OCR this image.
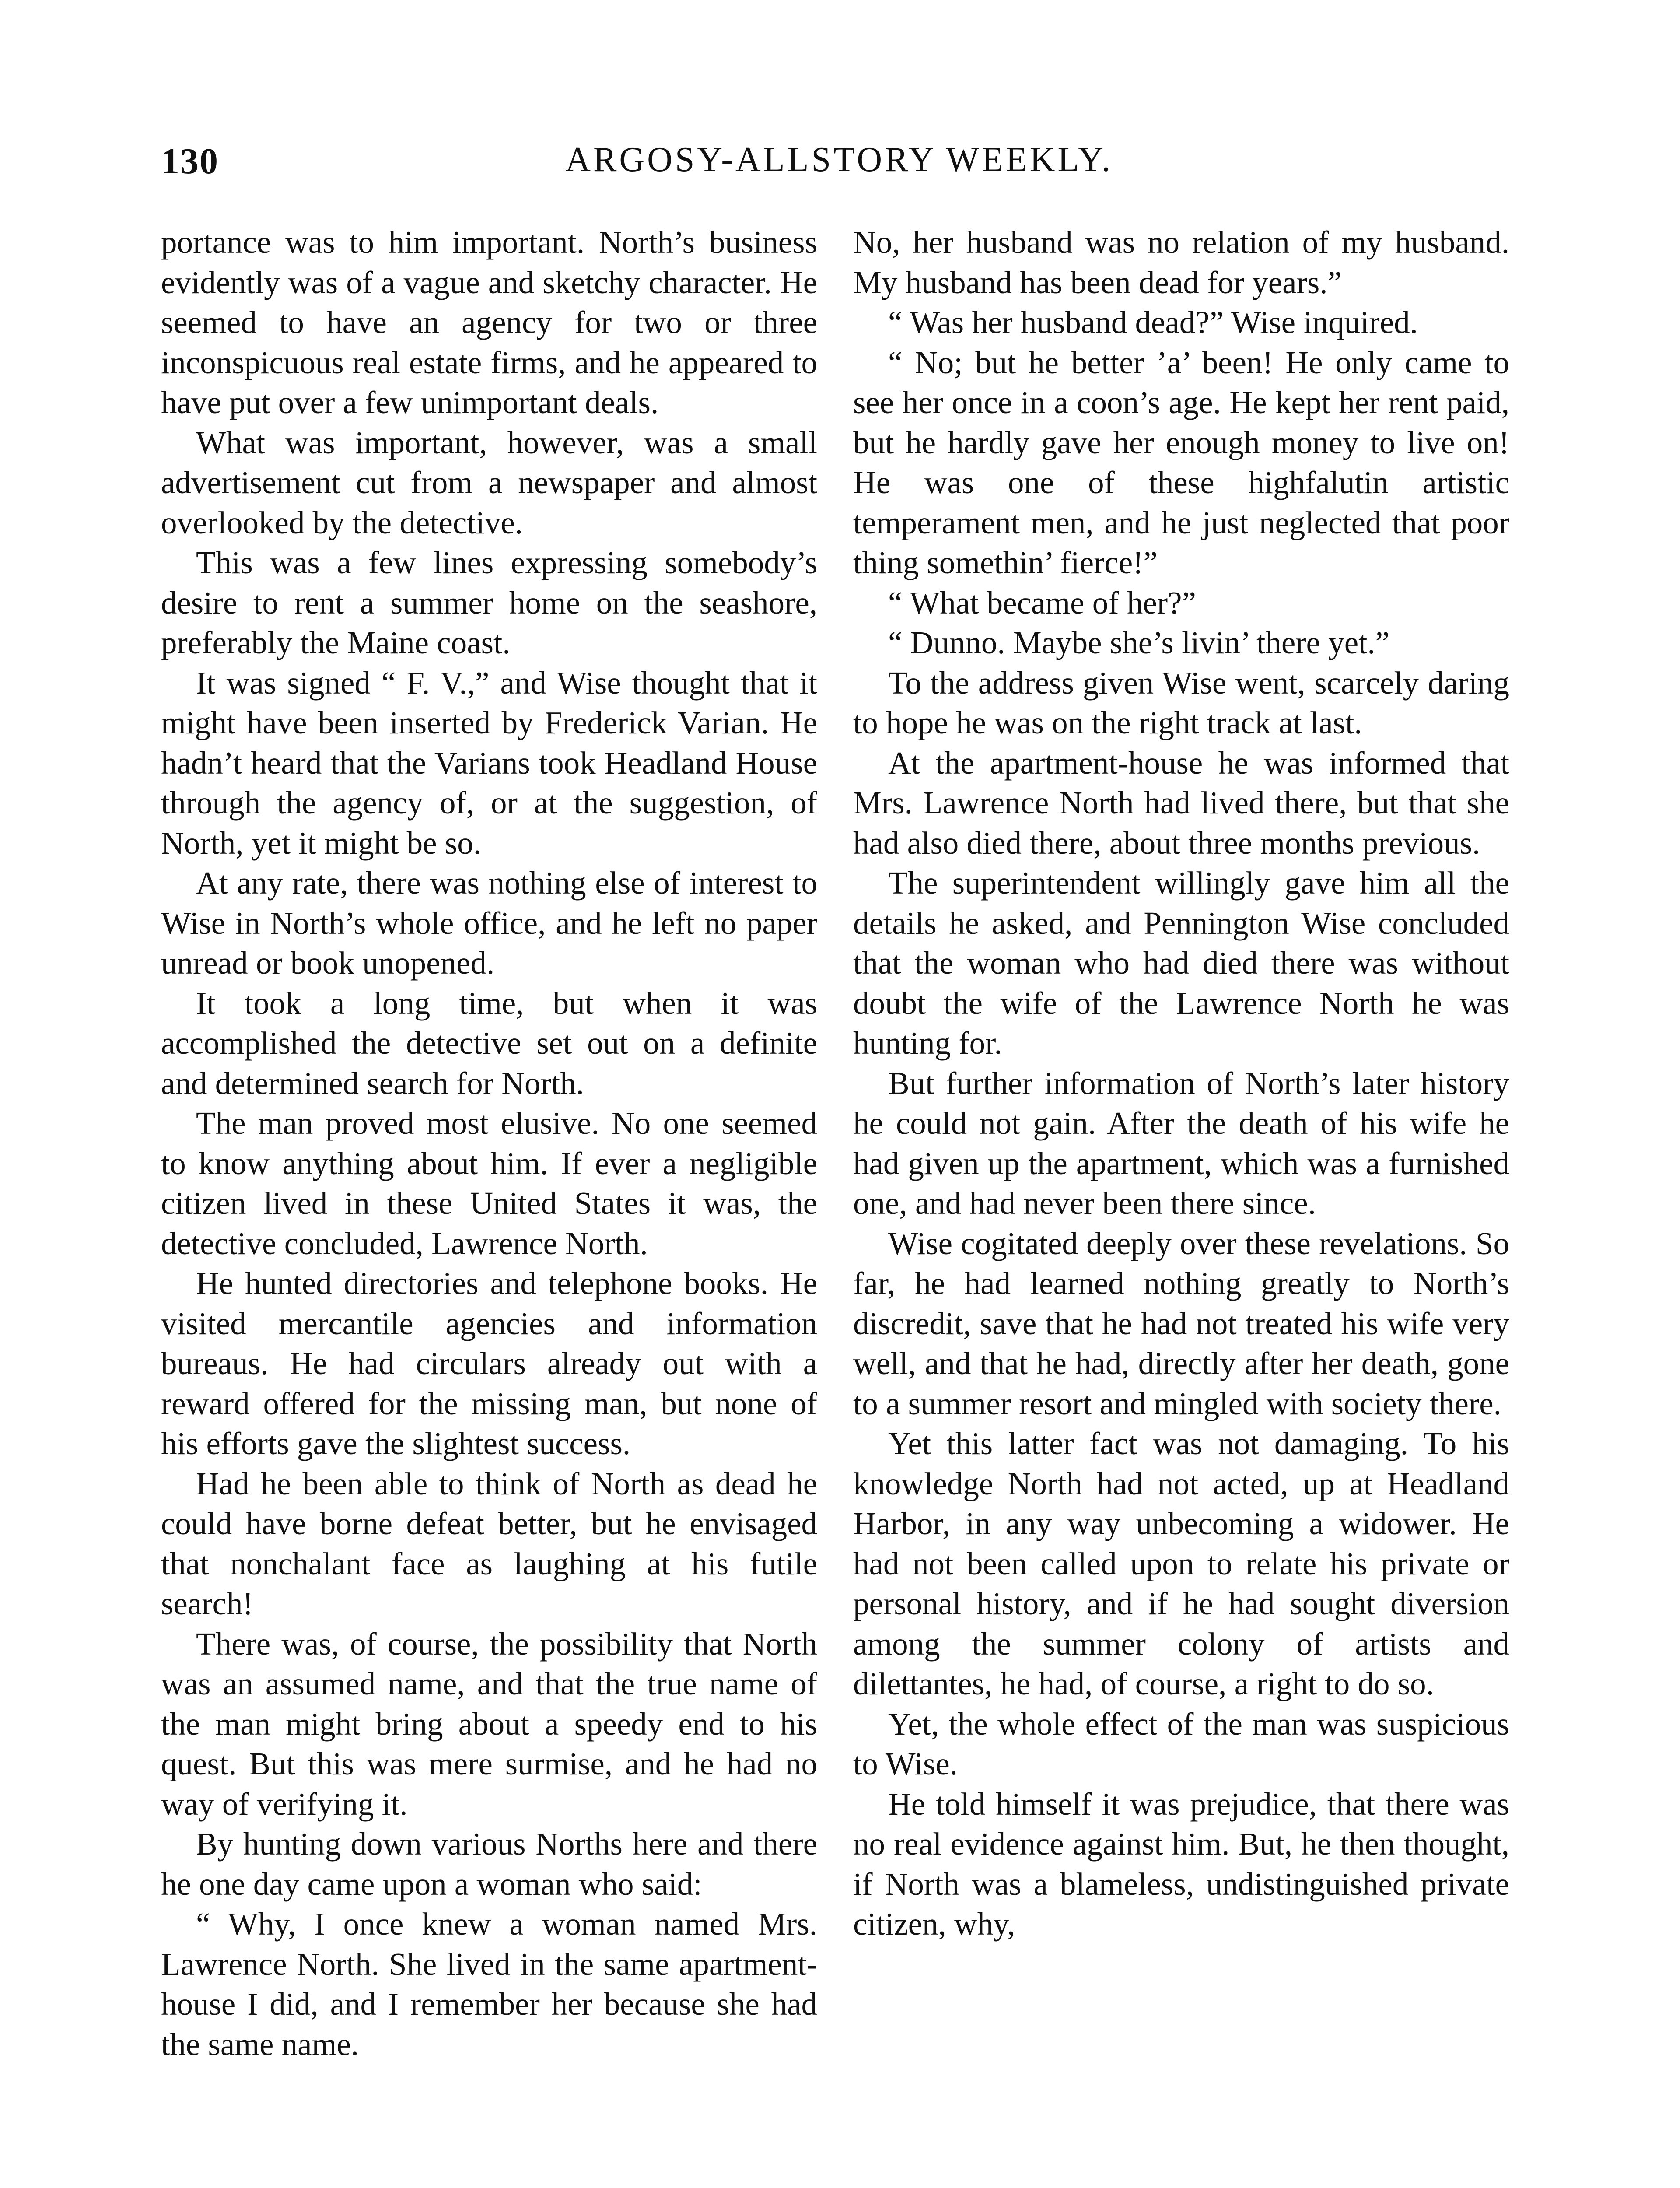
130	ARGOSY-ALLSTORY WEEKLY.

portance was to him important. North’s business evidently was of a vague and sketchy character. He seemed to have an agency for two or three inconspicuous real estate firms, and he appeared to have put over a few unimportant deals.

What was important, however, was a small advertisement cut from a newspaper and almost overlooked by the detective.

This was a few lines expressing somebody’s desire to rent a summer home on the seashore, preferably the Maine coast.

It was signed “ F. V.,” and Wise thought that it might have been inserted by Frederick Varian. He hadn’t heard that the Varians took Headland House through the agency of, or at the suggestion, of North, yet it might be so.

At any rate, there was nothing else of interest to Wise in North’s whole office, and he left no paper unread or book unopened.

It took a long time, but when it was accomplished the detective set out on a definite and determined search for North.

The man proved most elusive. No one seemed to know anything about him. If ever a negligible citizen lived in these United States it was, the detective concluded, Lawrence North.

He hunted directories and telephone books. He visited mercantile agencies and information bureaus. He had circulars already out with a reward offered for the missing man, but none of his efforts gave the slightest success.

Had he been able to think of North as dead he could have borne defeat better, but he envisaged that nonchalant face as laughing at his futile search!

There was, of course, the possibility that North was an assumed name, and that the true name of the man might bring about a speedy end to his quest. But this was mere surmise, and he had no way of verifying it.

By hunting down various Norths here and there he one day came upon a woman who said:

“ Why, I once knew a woman named Mrs. Lawrence North. She lived in the same apartment-house I did, and I remember her because she had the same name.

No, her husband was no relation of my husband. My husband has been dead for years.”

“ Was her husband dead?” Wise inquired.

“ No; but he better ’a’ been! He only came to see her once in a coon’s age. He kept her rent paid, but he hardly gave her enough money to live on! He was one of these highfalutin artistic temperament men, and he just neglected that poor thing somethin’ fierce!”

“ What became of her?”

“ Dunno. Maybe she’s livin’ there yet.”

To the address given Wise went, scarcely daring to hope he was on the right track at last.

At the apartment-house he was informed that Mrs. Lawrence North had lived there, but that she had also died there, about three months previous.

The superintendent willingly gave him all the details he asked, and Pennington Wise concluded that the woman who had died there was without doubt the wife of the Lawrence North he was hunting for.

But further information of North’s later history he could not gain. After the death of his wife he had given up the apartment, which was a furnished one, and had never been there since.

Wise cogitated deeply over these revelations. So far, he had learned nothing greatly to North’s discredit, save that he had not treated his wife very well, and that he had, directly after her death, gone to a summer resort and mingled with society there.

Yet this latter fact was not damaging. To his knowledge North had not acted, up at Headland Harbor, in any way unbecoming a widower. He had not been called upon to relate his private or personal history, and if he had sought diversion among the summer colony of artists and dilettantes, he had, of course, a right to do so.

Yet, the whole effect of the man was suspicious to Wise.

He told himself it was prejudice, that there was no real evidence against him. But, he then thought, if North was a blameless, undistinguished private citizen, why,
